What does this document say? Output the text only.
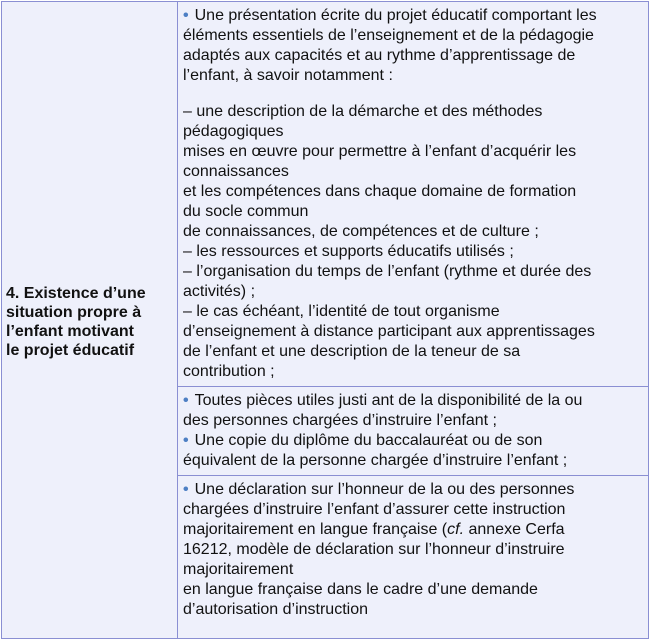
4. Existence d’une
situation propre à
l’enfant motivant
le projet éducatif
• Une présentation écrite du projet éducatif comportant les
éléments essentiels de l’enseignement et de la pédagogie
adaptés aux capacités et au rythme d’apprentissage de
l’enfant, à savoir notamment :
– une description de la démarche et des méthodes
pédagogiques
mises en œuvre pour permettre à l’enfant d’acquérir les
connaissances
et les compétences dans chaque domaine de formation
du socle commun
de connaissances, de compétences et de culture ;
– les ressources et supports éducatifs utilisés ;
– l’organisation du temps de l’enfant (rythme et durée des
activités) ;
– le cas échéant, l’identité de tout organisme
d’enseignement à distance participant aux apprentissages
de l’enfant et une description de la teneur de sa
contribution ;
• Toutes pièces utiles justi ant de la disponibilité de la ou
des personnes chargées d’instruire l’enfant ;
• Une copie du diplôme du baccalauréat ou de son
équivalent de la personne chargée d’instruire l’enfant ;
• Une déclaration sur l’honneur de la ou des personnes
chargées d’instruire l’enfant d’assurer cette instruction
majoritairement en langue française (cf. annexe Cerfa
16212, modèle de déclaration sur l’honneur d’instruire
majoritairement
en langue française dans le cadre d’une demande
d’autorisation d’instruction
